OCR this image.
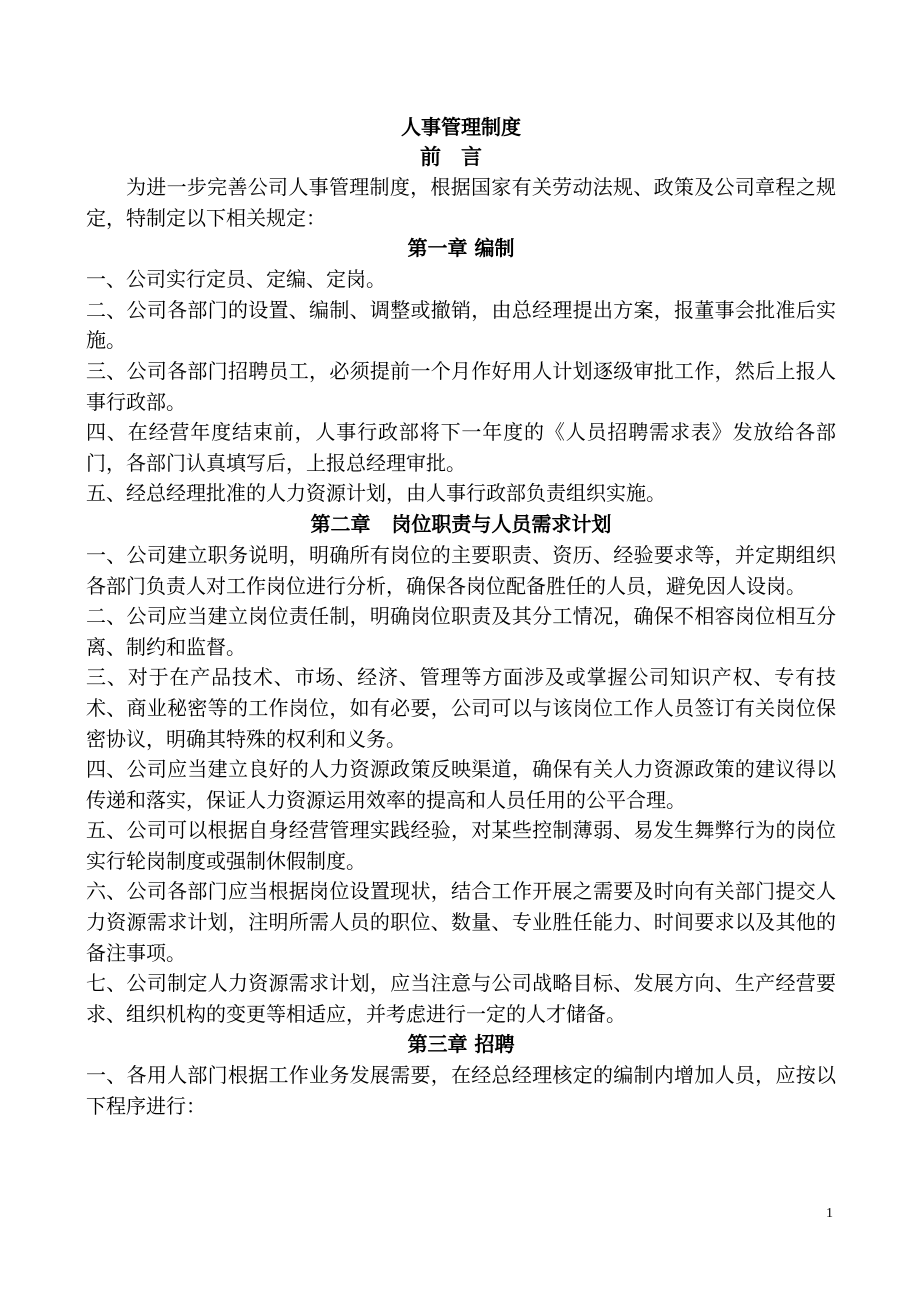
人事管理制度
前言

为进一步完善公司人事管理制度，根据国家有关劳动法规、政策及公司章程之规定，特制定以下相关规定：

第一章 编制

一、公司实行定员、定编、定岗。

二、公司各部门的设置、编制、调整或撤销，由总经理提出方案，报董事会批准后实施。

三、公司各部门招聘员工，必须提前一个月作好用人计划逐级审批工作，然后上报人事行政部。

四、在经营年度结束前，人事行政部将下一年度的《人员招聘需求表》发放给各部门，各部门认真填写后，上报总经理审批。

五、经总经理批准的人力资源计划，由人事行政部负责组织实施。

第二章   岗位职责与人员需求计划

一、公司建立职务说明，明确所有岗位的主要职责、资历、经验要求等，并定期组织各部门负责人对工作岗位进行分析，确保各岗位配备胜任的人员，避免因人设岗。

二、公司应当建立岗位责任制，明确岗位职责及其分工情况，确保不相容岗位相互分离、制约和监督。

三、对于在产品技术、市场、经济、管理等方面涉及或掌握公司知识产权、专有技术、商业秘密等的工作岗位，如有必要，公司可以与该岗位工作人员签订有关岗位保密协议，明确其特殊的权利和义务。

四、公司应当建立良好的人力资源政策反映渠道，确保有关人力资源政策的建议得以传递和落实，保证人力资源运用效率的提高和人员任用的公平合理。

五、公司可以根据自身经营管理实践经验，对某些控制薄弱、易发生舞弊行为的岗位实行轮岗制度或强制休假制度。

六、公司各部门应当根据岗位设置现状，结合工作开展之需要及时向有关部门提交人力资源需求计划，注明所需人员的职位、数量、专业胜任能力、时间要求以及其他的备注事项。

七、公司制定人力资源需求计划，应当注意与公司战略目标、发展方向、生产经营要求、组织机构的变更等相适应，并考虑进行一定的人才储备。

第三章 招聘

一、各用人部门根据工作业务发展需要，在经总经理核定的编制内增加人员，应按以下程序进行：

1
